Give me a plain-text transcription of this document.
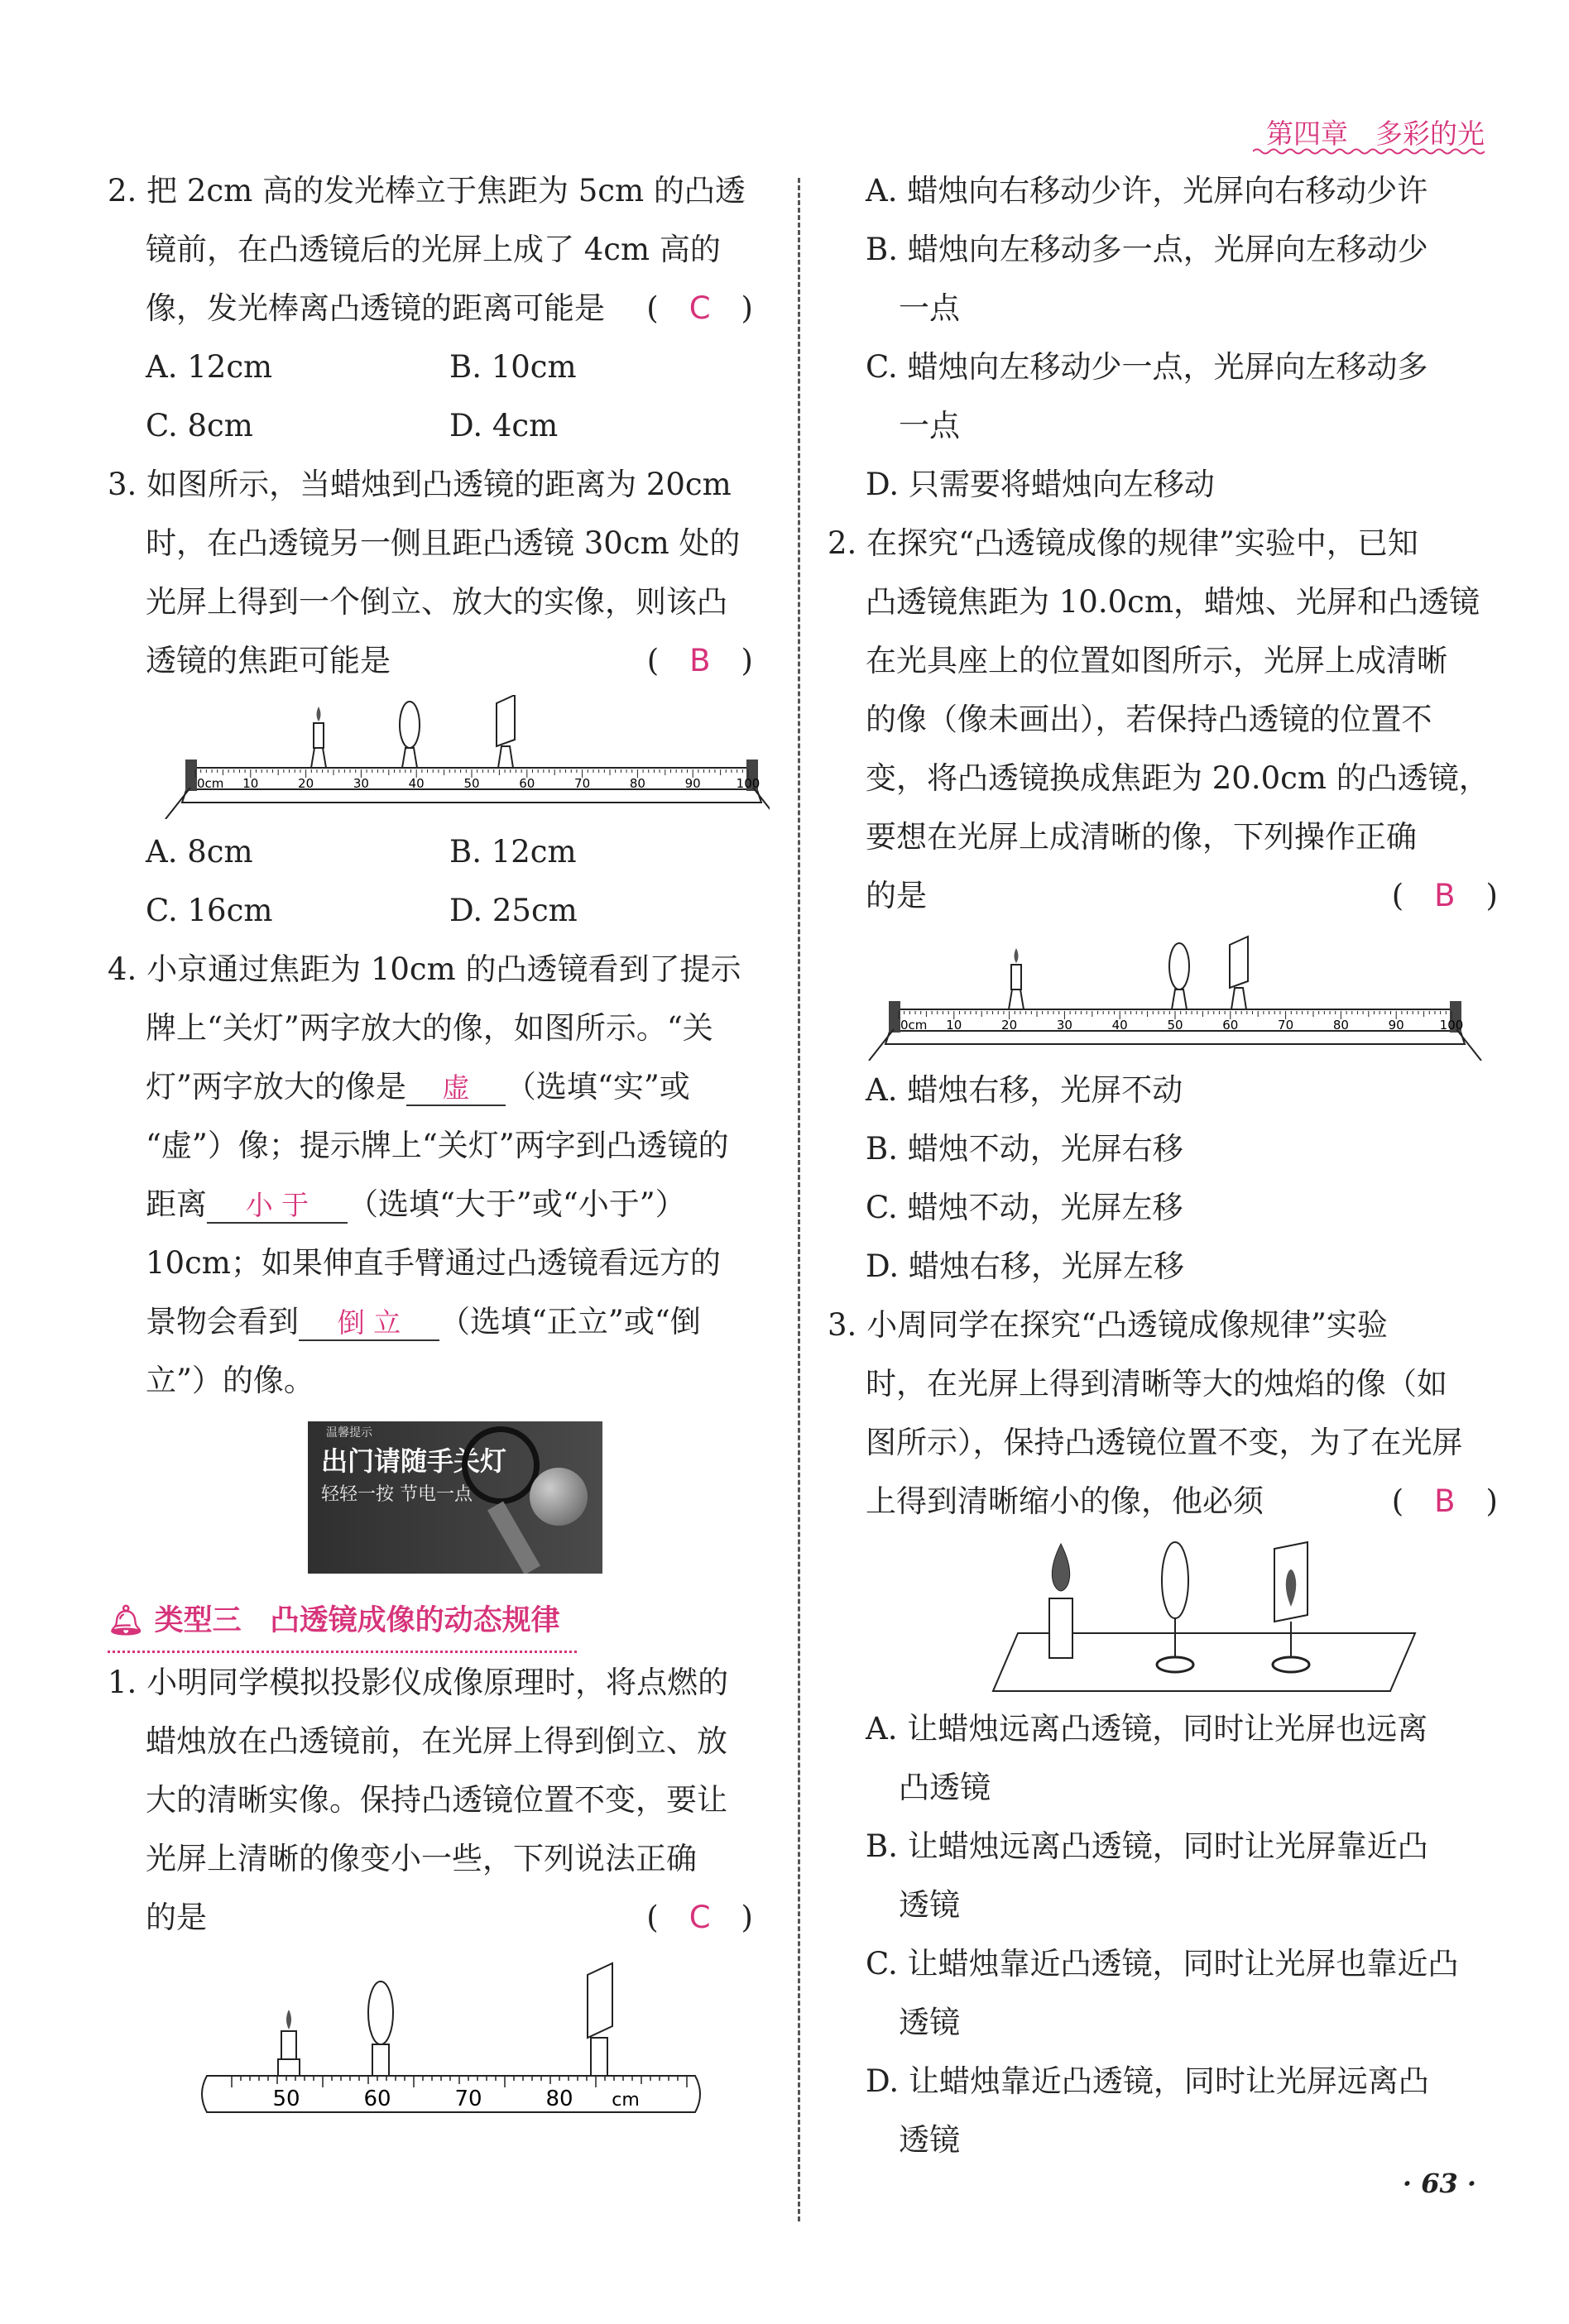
第四章　多彩的光
2. 把 2cm 高的发光棒立于焦距为 5cm 的凸透
镜前，在凸透镜后的光屏上成了 4cm 高的
像，发光棒离凸透镜的距离可能是 (　C　)
A. 12cm	B. 10cm
C. 8cm	D. 4cm
3. 如图所示，当蜡烛到凸透镜的距离为 20cm
时，在凸透镜另一侧且距凸透镜 30cm 处的
光屏上得到一个倒立、放大的实像，则该凸
透镜的焦距可能是	(　B　)
0cm 10	20	30	40	50	60	70	80	90	100
A. 8cm	B. 12cm
C. 16cm	D. 25cm
4. 小京通过焦距为 10cm 的凸透镜看到了提示
牌上“关灯”两字放大的像，如图所示。“关
灯”两字放大的像是 虚 （选填“实”或
“虚”）像；提示牌上“关灯”两字到凸透镜的
距离 小 于 （选填“大于”或“小于”）
10cm；如果伸直手臂通过凸透镜看远方的
景物会看到 倒 立 （选填“正立”或“倒
立”）的像。
温馨提示
出门请随手关灯
轻轻一按 节电一点
🔔︎ 类型三　凸透镜成像的动态规律
1. 小明同学模拟投影仪成像原理时，将点燃的
蜡烛放在凸透镜前，在光屏上得到倒立、放
大的清晰实像。保持凸透镜位置不变，要让
光屏上清晰的像变小一些，下列说法正确
的是	(　C　)
50	60	70	80 cm
A. 蜡烛向右移动少许，光屏向右移动少许
B. 蜡烛向左移动多一点，光屏向左移动少
一点
C. 蜡烛向左移动少一点，光屏向左移动多
一点
D. 只需要将蜡烛向左移动
2. 在探究“凸透镜成像的规律”实验中，已知
凸透镜焦距为 10.0cm，蜡烛、光屏和凸透镜
在光具座上的位置如图所示，光屏上成清晰
的像（像未画出），若保持凸透镜的位置不
变，将凸透镜换成焦距为 20.0cm 的凸透镜，
要想在光屏上成清晰的像，下列操作正确
的是	(　B　)
0cm 10	20	30	40	50	60	70	80	90	100
A. 蜡烛右移，光屏不动
B. 蜡烛不动，光屏右移
C. 蜡烛不动，光屏左移
D. 蜡烛右移，光屏左移
3. 小周同学在探究“凸透镜成像规律”实验
时，在光屏上得到清晰等大的烛焰的像（如
图所示），保持凸透镜位置不变，为了在光屏
上得到清晰缩小的像，他必须	(　B　)
A. 让蜡烛远离凸透镜，同时让光屏也远离
凸透镜
B. 让蜡烛远离凸透镜，同时让光屏靠近凸
透镜
C. 让蜡烛靠近凸透镜，同时让光屏也靠近凸
透镜
D. 让蜡烛靠近凸透镜，同时让光屏远离凸
透镜
· 63 ·
